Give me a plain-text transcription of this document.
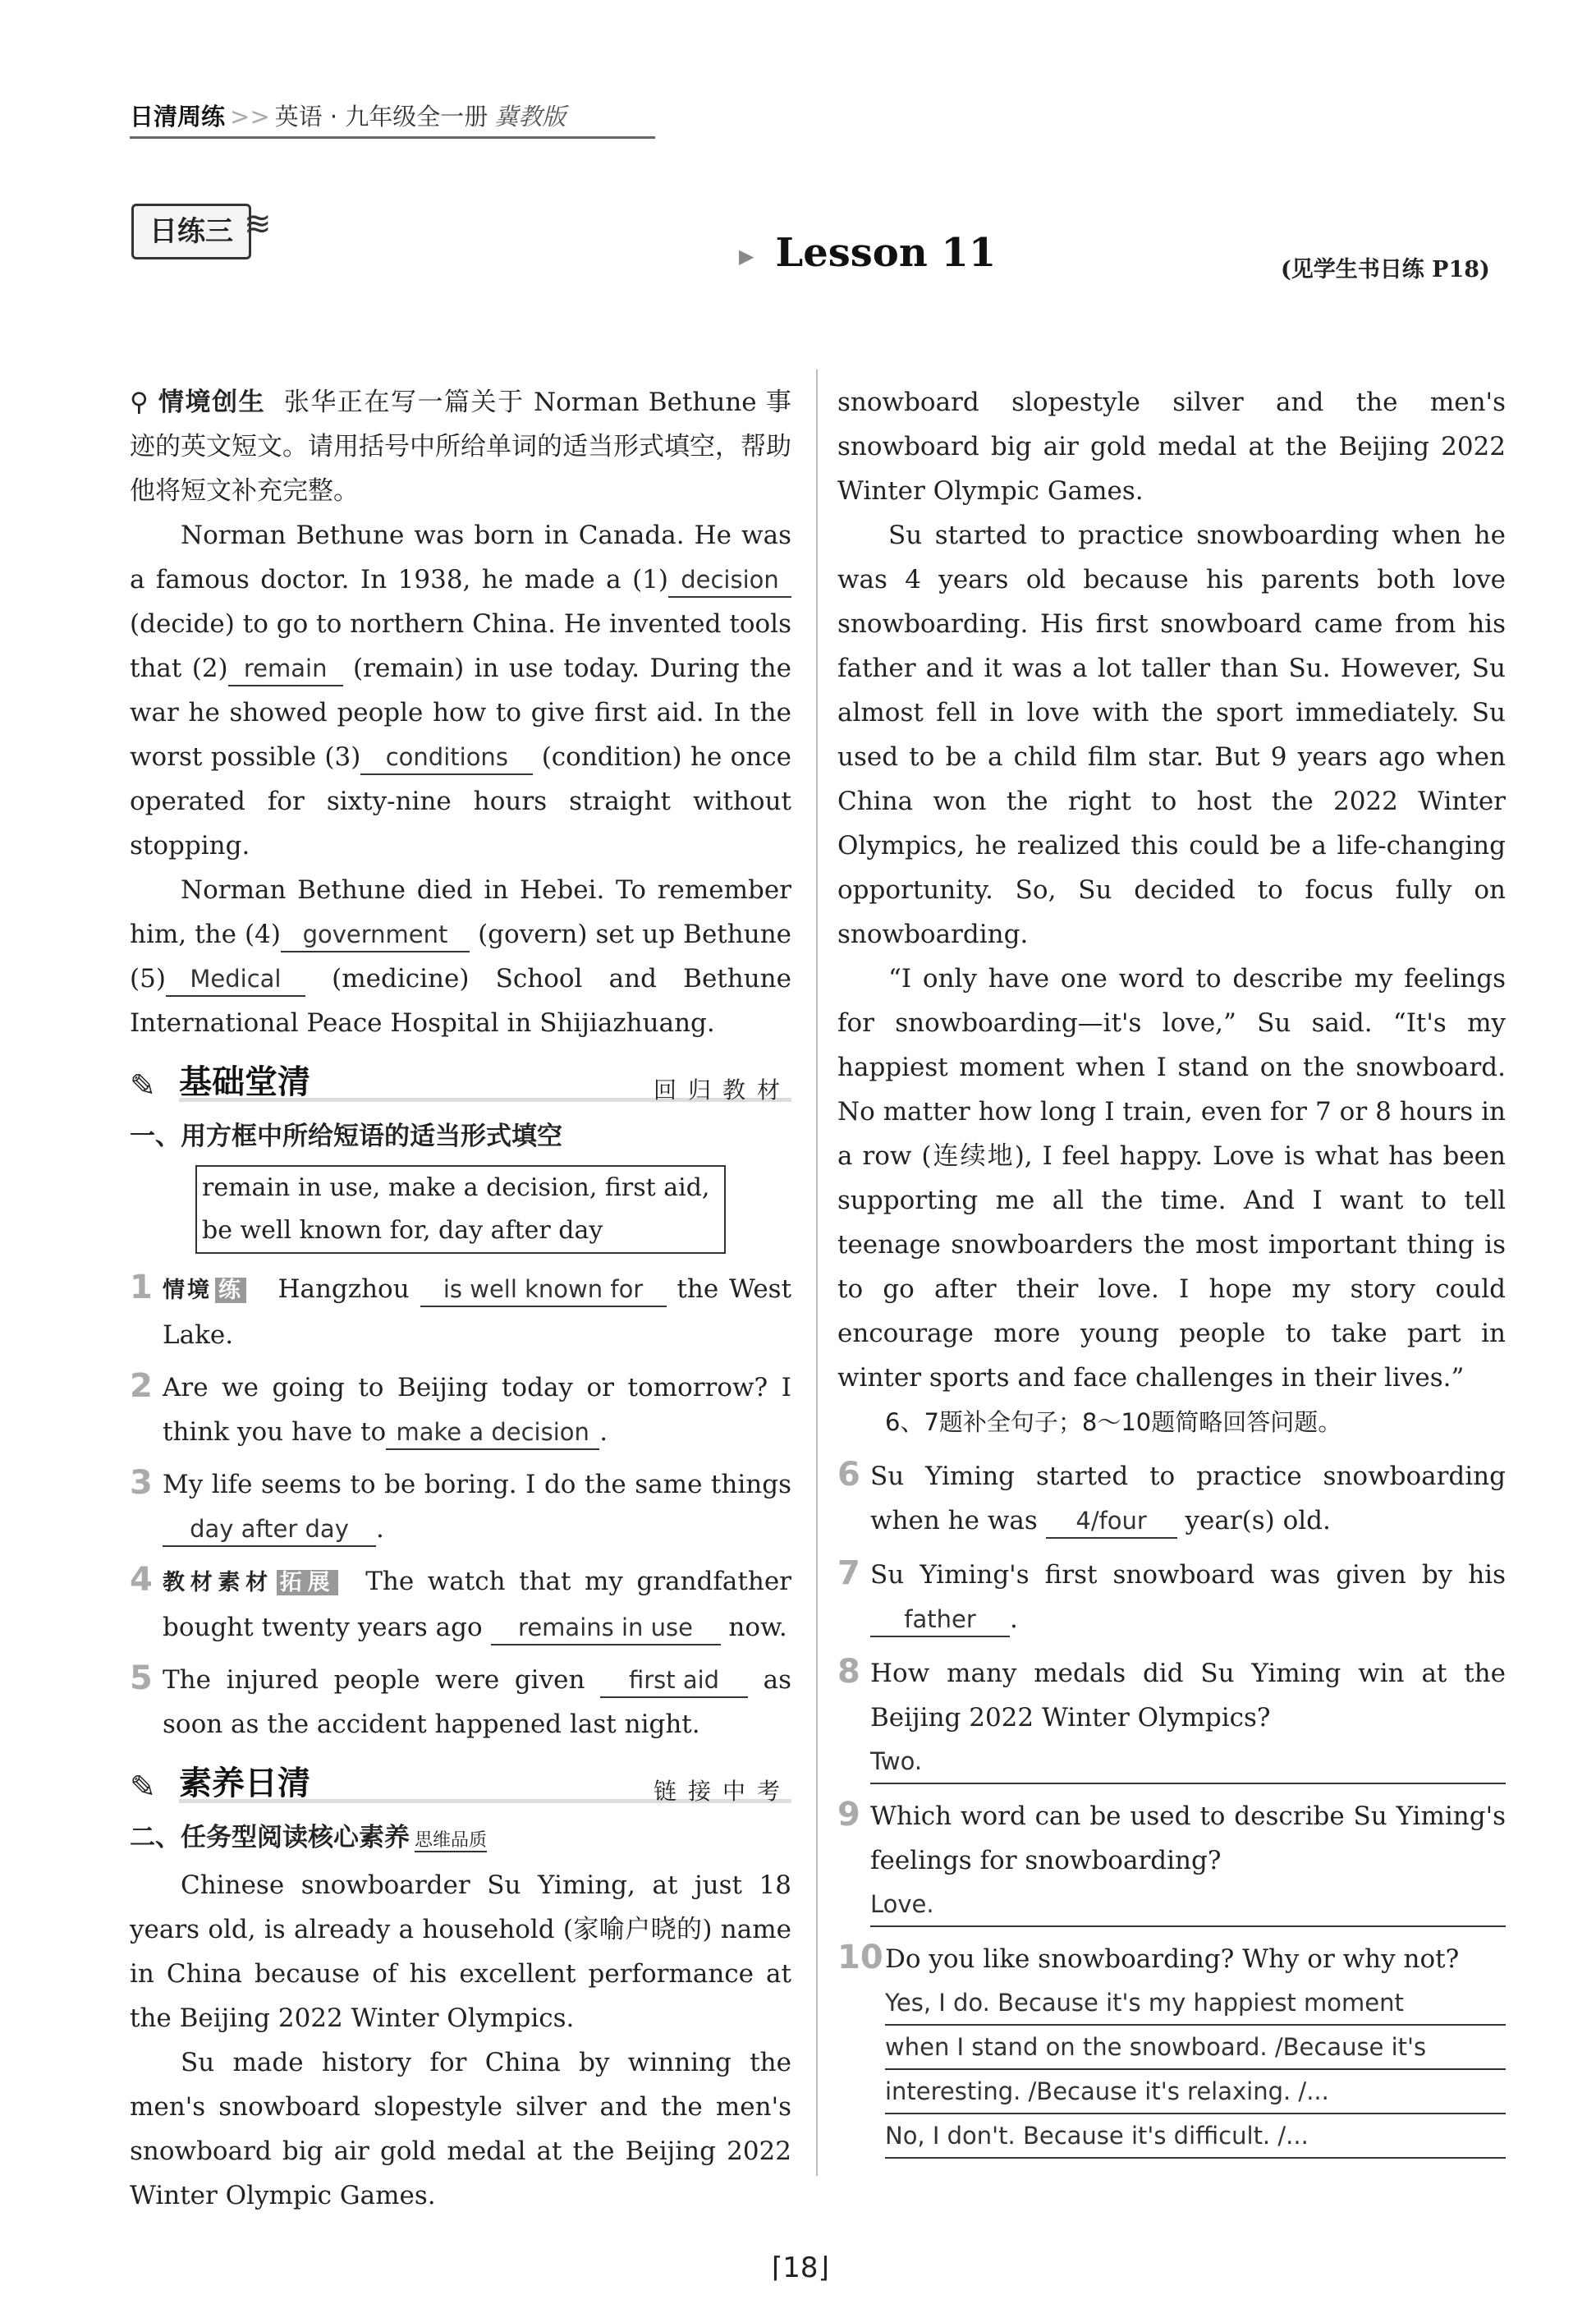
日清周练 >> 英语 · 九年级全一册 冀教版
日练三 ≋
▶ Lesson 11	(见学生书日练 P18)

⚲ 情境创生 张华正在写一篇关于 Norman Bethune 事迹的英文短文。请用括号中所给单词的适当形式填空，帮助他将短文补充完整。

Norman Bethune was born in Canada. He was a famous doctor. In 1938, he made a (1) decision (decide) to go to northern China. He invented tools that (2) remain (remain) in use today. During the war he showed people how to give first aid. In the worst possible (3) conditions (condition) he once operated for sixty-nine hours straight without stopping.

Norman Bethune died in Hebei. To remember him, the (4) government (govern) set up Bethune (5) Medical (medicine) School and Bethune International Peace Hospital in Shijiazhuang.

✎ 基础堂清	回归教材
一、用方框中所给短语的适当形式填空
remain in use, make a decision, first aid, be well known for, day after day

1 情境 练 Hangzhou is well known for the West Lake.

2 Are we going to Beijing today or tomorrow? I think you have to make a decision .

3 My life seems to be boring. I do the same things day after day .

4 教材素材 拓展 The watch that my grandfather bought twenty years ago remains in use now.

5 The injured people were given first aid as soon as the accident happened last night.

✎ 素养日清	链接中考
二、任务型阅读核心素养 思维品质

Chinese snowboarder Su Yiming, at just 18 years old, is already a household (家喻户晓的) name in China because of his excellent performance at the Beijing 2022 Winter Olympics.

Su made history for China by winning the men's snowboard slopestyle silver and the men's snowboard big air gold medal at the Beijing 2022 Winter Olympic Games.

snowboard slopestyle silver and the men's snowboard big air gold medal at the Beijing 2022 Winter Olympic Games.

Su started to practice snowboarding when he was 4 years old because his parents both love snowboarding. His first snowboard came from his father and it was a lot taller than Su. However, Su almost fell in love with the sport immediately. Su used to be a child film star. But 9 years ago when China won the right to host the 2022 Winter Olympics, he realized this could be a life-changing opportunity. So, Su decided to focus fully on snowboarding.

“I only have one word to describe my feelings for snowboarding—it's love,” Su said. “It's my happiest moment when I stand on the snowboard. No matter how long I train, even for 7 or 8 hours in a row (连续地), I feel happy. Love is what has been supporting me all the time. And I want to tell teenage snowboarders the most important thing is to go after their love. I hope my story could encourage more young people to take part in winter sports and face challenges in their lives.”

6、7题补全句子；8～10题简略回答问题。

6 Su Yiming started to practice snowboarding when he was 4/four year(s) old.

7 Su Yiming's first snowboard was given by his father .

8 How many medals did Su Yiming win at the Beijing 2022 Winter Olympics?
Two.

9 Which word can be used to describe Su Yiming's feelings for snowboarding?
Love.

10 Do you like snowboarding? Why or why not?
Yes, I do. Because it's my happiest moment
when I stand on the snowboard. /Because it's
interesting. /Because it's relaxing. /...
No, I don't. Because it's difficult. /...

⌈18⌋
